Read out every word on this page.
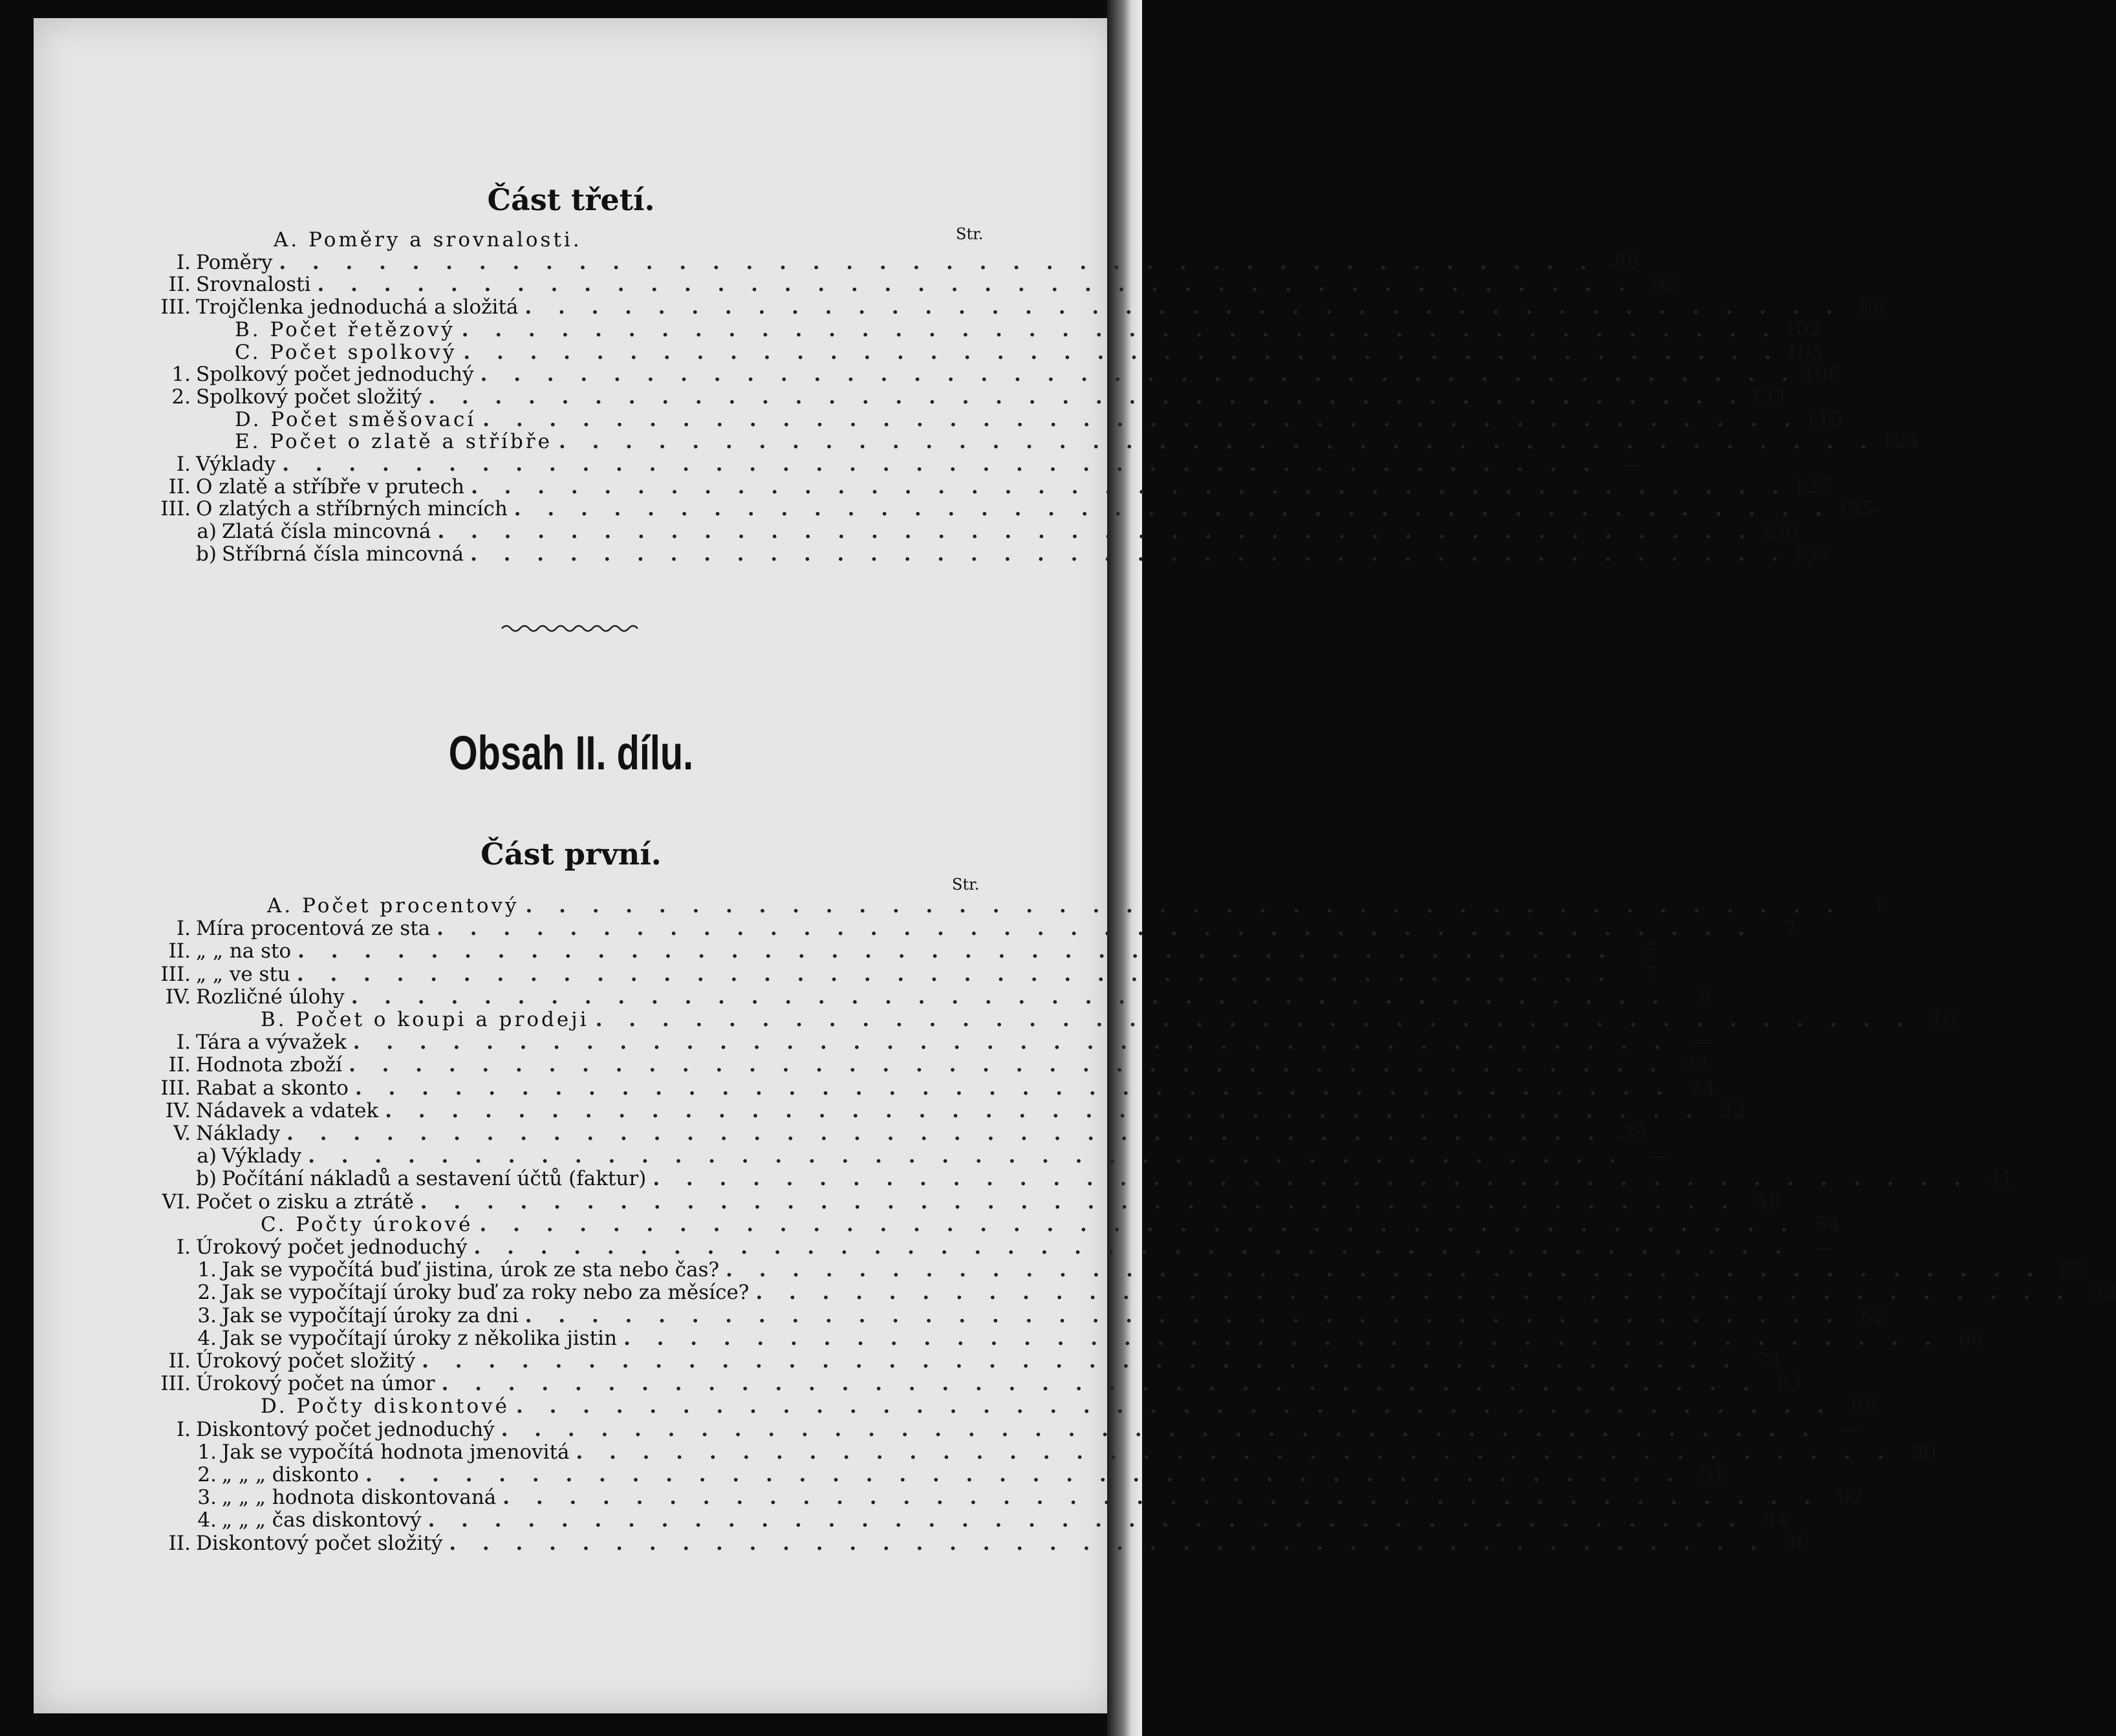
Část třetí.
Str.
A. Poměry a srovnalosti.
I. Poměry . . . . . . . . . . . . . . . . . . . . . . . . . . . . . . . . . . . . . . . . 89
II. Srovnalosti . . . . . . . . . . . . . . . . . . . . . . . . . . . . . . . . . . . . . . . . 92
III. Trojčlenka jednoduchá a složitá . . . . . . . . . . . . . . . . . . . . . . . . . . . . . . . . . . . . . . . . 96
B. Počet řetězový . . . . . . . . . . . . . . . . . . . . . . . . . . . . . . . . . . . . . . . . 102
C. Počet spolkový . . . . . . . . . . . . . . . . . . . . . . . . . . . . . . . . . . . . . . . . 105
1. Spolkový počet jednoduchý . . . . . . . . . . . . . . . . . . . . . . . . . . . . . . . . . . . . . . . . 106
2. Spolkový počet složitý . . . . . . . . . . . . . . . . . . . . . . . . . . . . . . . . . . . . . . . . 111
D. Počet směšovací . . . . . . . . . . . . . . . . . . . . . . . . . . . . . . . . . . . . . . . . 115
E. Počet o zlatě a stříbře . . . . . . . . . . . . . . . . . . . . . . . . . . . . . . . . . . . . . . . . 124
I. Výklady . . . . . . . . . . . . . . . . . . . . . . . . . . . . . . . . . . . . . . . .	—
II. O zlatě a stříbře v prutech . . . . . . . . . . . . . . . . . . . . . . . . . . . . . . . . . . . . . . . . 127
III. O zlatých a stříbrných mincích . . . . . . . . . . . . . . . . . . . . . . . . . . . . . . . . . . . . . . . . 135
a) Zlatá čísla mincovná . . . . . . . . . . . . . . . . . . . . . . . . . . . . . . . . . . . . . . . . 136
b) Stříbrná čísla mincovná . . . . . . . . . . . . . . . . . . . . . . . . . . . . . . . . . . . . . . . . 137
Obsah II. dílu.
Část první.
Str.
A. Počet procentový . . . . . . . . . . . . . . . . . . . . . . . . . . . . . . . . . . . . . . . .	1
I. Míra procentová ze sta . . . . . . . . . . . . . . . . . . . . . . . . . . . . . . . . . . . . . . . .	2
II. „ „ na sto . . . . . . . . . . . . . . . . . . . . . . . . . . . . . . . . . . . . . . . .	5
III. „ „ ve stu . . . . . . . . . . . . . . . . . . . . . . . . . . . . . . . . . . . . . . . .	7
IV. Rozličné úlohy . . . . . . . . . . . . . . . . . . . . . . . . . . . . . . . . . . . . . . . .	9
B. Počet o koupi a prodeji . . . . . . . . . . . . . . . . . . . . . . . . . . . . . . . . . . . . . . . . 16
I. Tára a vývažek . . . . . . . . . . . . . . . . . . . . . . . . . . . . . . . . . . . . . . . .	—
II. Hodnota zboží . . . . . . . . . . . . . . . . . . . . . . . . . . . . . . . . . . . . . . . . 22
III. Rabat a skonto . . . . . . . . . . . . . . . . . . . . . . . . . . . . . . . . . . . . . . . . 24
IV. Nádavek a vdatek . . . . . . . . . . . . . . . . . . . . . . . . . . . . . . . . . . . . . . . . 32
V. Náklady . . . . . . . . . . . . . . . . . . . . . . . . . . . . . . . . . . . . . . . . 38
a) Výklady . . . . . . . . . . . . . . . . . . . . . . . . . . . . . . . . . . . . . . . .	—
b) Počítání nákladů a sestavení účtů (faktur) . . . . . . . . . . . . . . . . . . . . . . . . . . . . . . . . . . . . . . . . 41
VI. Počet o zisku a ztrátě . . . . . . . . . . . . . . . . . . . . . . . . . . . . . . . . . . . . . . . . 48
C. Počty úrokové . . . . . . . . . . . . . . . . . . . . . . . . . . . . . . . . . . . . . . . . 54
I. Úrokový počet jednoduchý . . . . . . . . . . . . . . . . . . . . . . . . . . . . . . . . . . . . . . . .	—
1. Jak se vypočítá buď jistina, úrok ze sta nebo čas? . . . . . . . . . . . . . . . . . . . . . . . . . . . . . . . . . . . . . . . . 55
2. Jak se vypočítají úroky buď za roky nebo za měsíce? . . . . . . . . . . . . . . . . . . . . . . . . . . . . . . . . . . . . . . . . 58
3. Jak se vypočítají úroky za dni . . . . . . . . . . . . . . . . . . . . . . . . . . . . . . . . . . . . . . . . 62
4. Jak se vypočítají úroky z několika jistin . . . . . . . . . . . . . . . . . . . . . . . . . . . . . . . . . . . . . . . . 66
II. Úrokový počet složitý . . . . . . . . . . . . . . . . . . . . . . . . . . . . . . . . . . . . . . . . 74
III. Úrokový počet na úmor . . . . . . . . . . . . . . . . . . . . . . . . . . . . . . . . . . . . . . . . 83
D. Počty diskontové . . . . . . . . . . . . . . . . . . . . . . . . . . . . . . . . . . . . . . . . 88
I. Diskontový počet jednoduchý . . . . . . . . . . . . . . . . . . . . . . . . . . . . . . . . . . . . . . . .	—
1. Jak se vypočítá hodnota jmenovitá . . . . . . . . . . . . . . . . . . . . . . . . . . . . . . . . . . . . . . . . 90
2. „ „ „ diskonto . . . . . . . . . . . . . . . . . . . . . . . . . . . . . . . . . . . . . . . . 91
3. „ „ „ hodnota diskontovaná . . . . . . . . . . . . . . . . . . . . . . . . . . . . . . . . . . . . . . . . 92
4. „ „ „ čas diskontový . . . . . . . . . . . . . . . . . . . . . . . . . . . . . . . . . . . . . . . . 94
II. Diskontový počet složitý . . . . . . . . . . . . . . . . . . . . . . . . . . . . . . . . . . . . . . . . 96
